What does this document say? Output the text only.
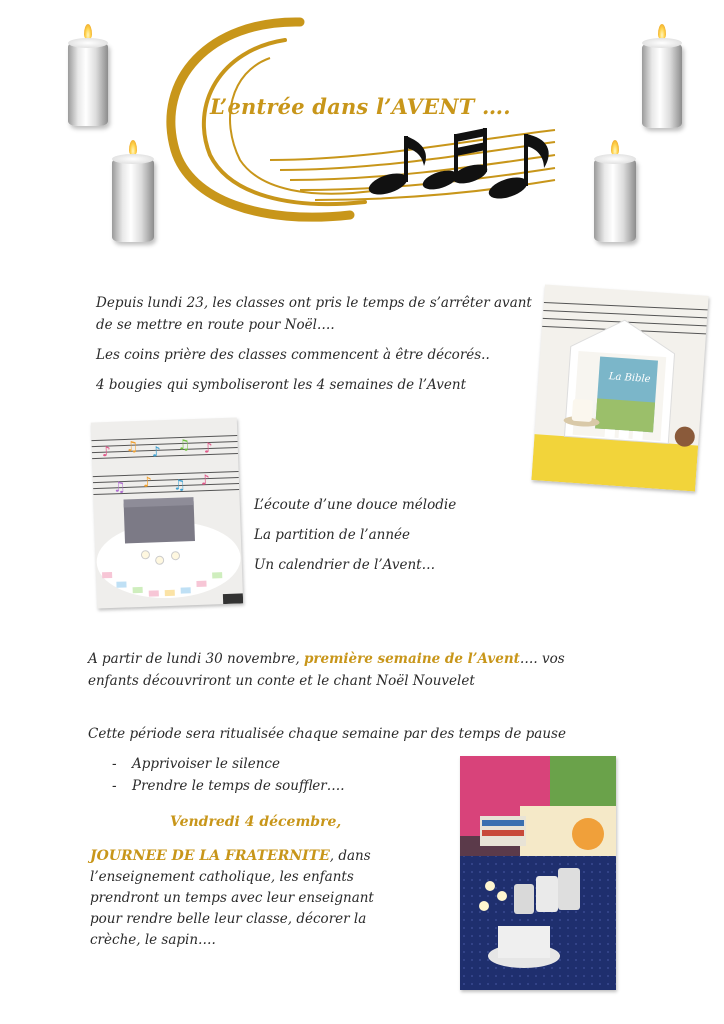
L’entrée dans l’AVENT ….
Depuis lundi 23, les classes ont pris le temps de s’arrêter avant
de se mettre en route pour Noël….
Les coins prière des classes commencent à être décorés..
4 bougies qui symboliseront les 4 semaines de l’Avent	La Bible
♪ ♫ ♪ ♫ ♪
♫ ♪ ♫ ♪
L’écoute d’une douce mélodie
La partition de l’année
Un calendrier de l’Avent…
A partir de lundi 30 novembre, première semaine de l’Avent…. vos
enfants découvriront un conte et le chant Noël Nouvelet
Cette période sera ritualisée chaque semaine par des temps de pause
- Apprivoiser le silence
- Prendre le temps de souffler….
Vendredi 4 décembre,
JOURNEE DE LA FRATERNITE, dans
l’enseignement catholique, les enfants
prendront un temps avec leur enseignant
pour rendre belle leur classe, décorer la
crèche, le sapin….
